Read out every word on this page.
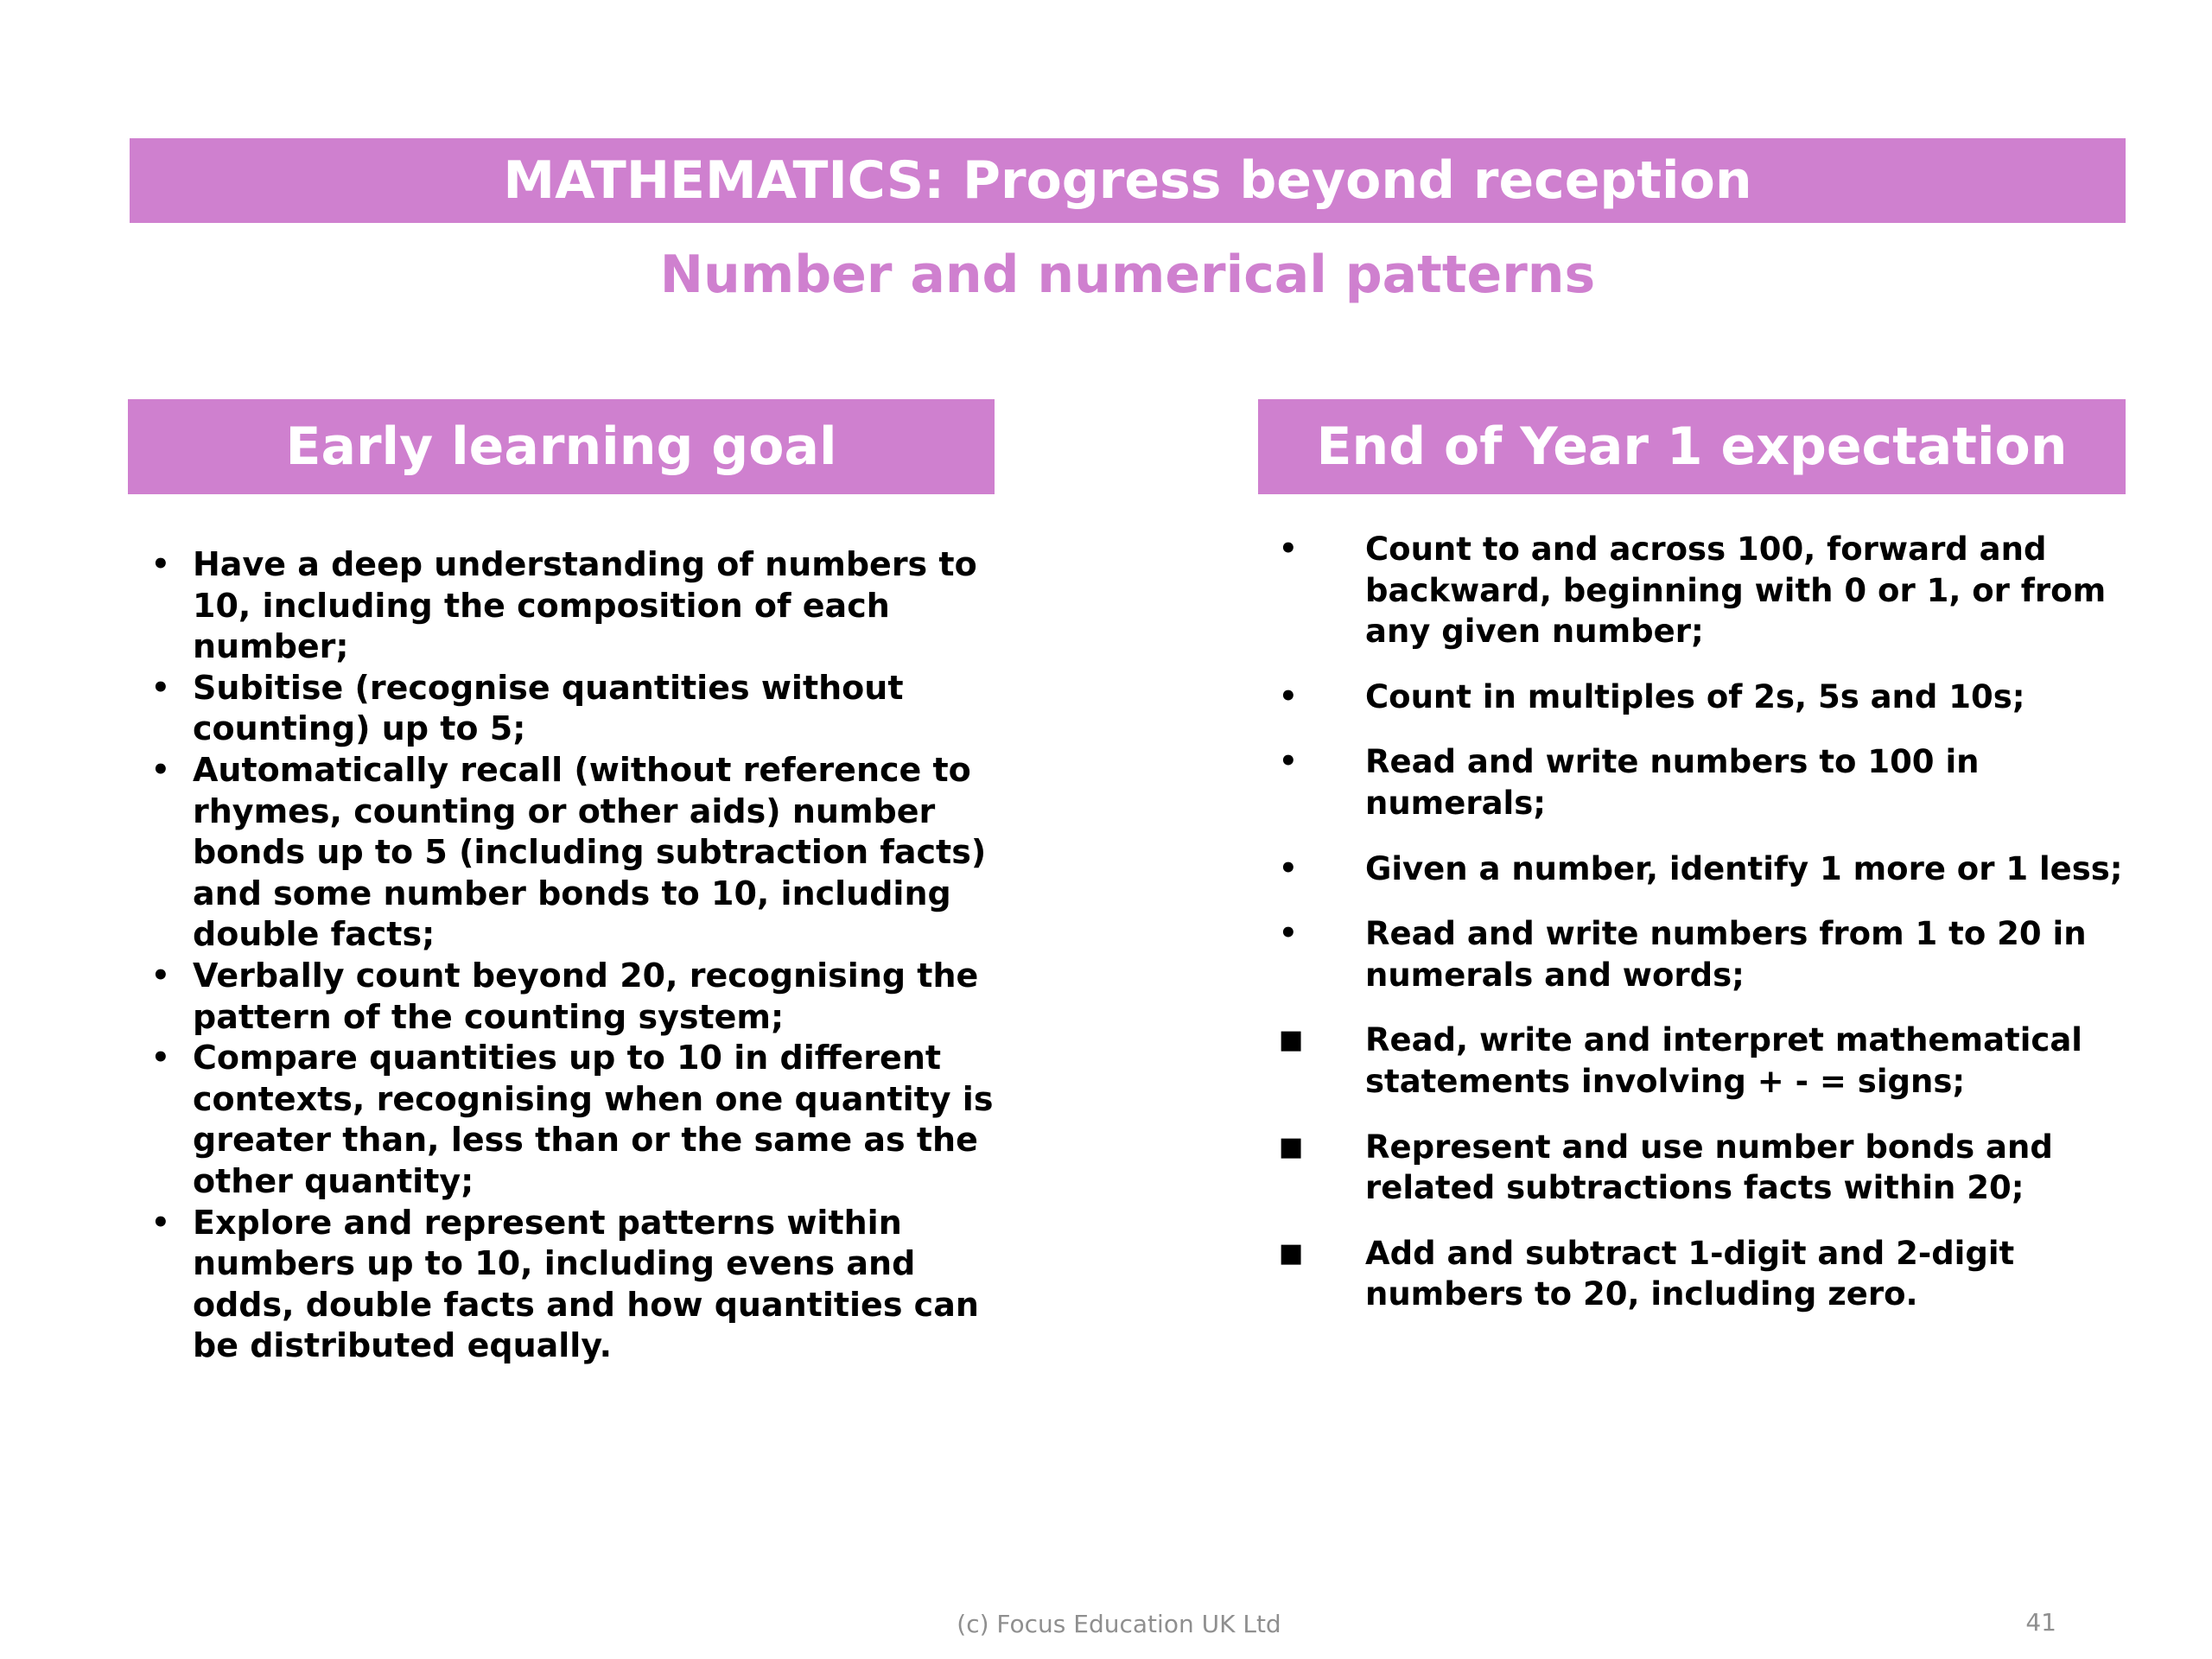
MATHEMATICS: Progress beyond reception
Number and numerical patterns
Early learning goal	End of Year 1 expectation
• Have a deep understanding of numbers to 10, including the composition of each number;
• Subitise (recognise quantities without counting) up to 5;
• Automatically recall (without reference to rhymes, counting or other aids) number bonds up to 5 (including subtraction facts) and some number bonds to 10, including double facts;
• Verbally count beyond 20, recognising the pattern of the counting system;
• Compare quantities up to 10 in different contexts, recognising when one quantity is greater than, less than or the same as the other quantity;
• Explore and represent patterns within numbers up to 10, including evens and odds, double facts and how quantities can be distributed equally.
• Count to and across 100, forward and backward, beginning with 0 or 1, or from any given number;
• Count in multiples of 2s, 5s and 10s;
• Read and write numbers to 100 in numerals;
• Given a number, identify 1 more or 1 less;
• Read and write numbers from 1 to 20 in numerals and words;
■ Read, write and interpret mathematical statements involving + - = signs;
■ Represent and use number bonds and related subtractions facts within 20;
■ Add and subtract 1-digit and 2-digit numbers to 20, including zero.
(c) Focus Education UK Ltd	41
